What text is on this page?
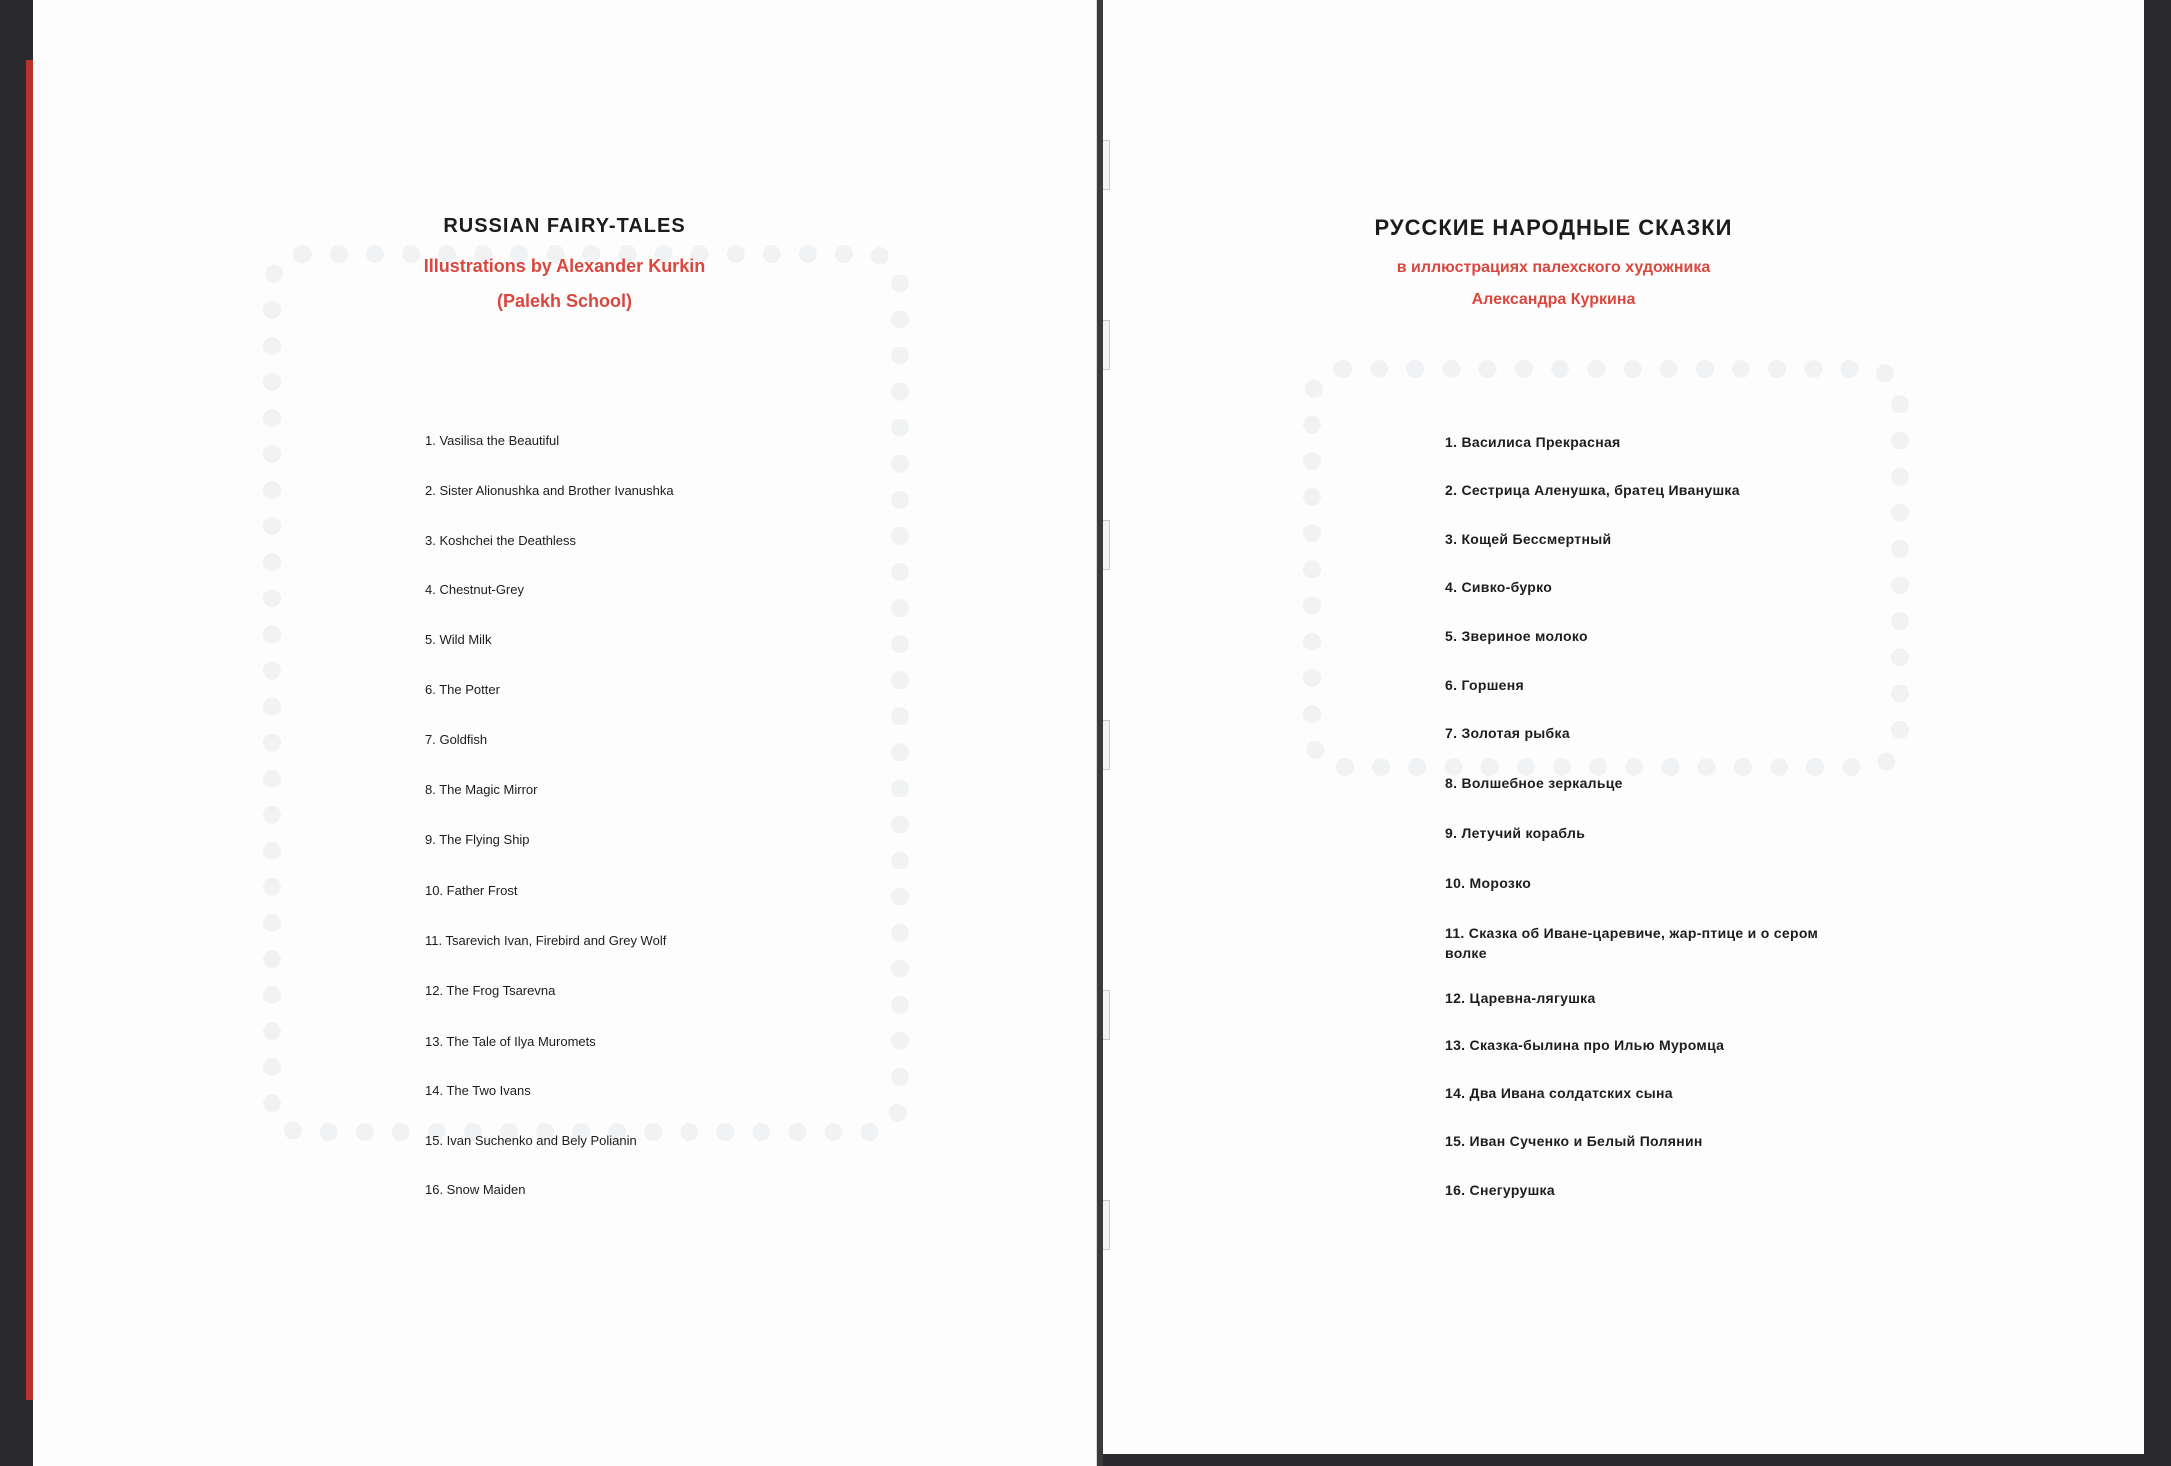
RUSSIAN FAIRY-TALES
Illustrations by Alexander Kurkin
(Palekh School)
1. Vasilisa the Beautiful
2. Sister Alionushka and Brother Ivanushka
3. Koshchei the Deathless
4. Chestnut-Grey
5. Wild Milk
6. The Potter
7. Goldfish
8. The Magic Mirror
9. The Flying Ship
10. Father Frost
11. Tsarevich Ivan, Firebird and Grey Wolf
12. The Frog Tsarevna
13. The Tale of Ilya Muromets
14. The Two Ivans
15. Ivan Suchenko and Bely Polianin
16. Snow Maiden
РУССКИЕ НАРОДНЫЕ СКАЗКИ
в иллюстрациях палехского художника
Александра Куркина
1. Василиса Прекрасная
2. Сестрица Аленушка, братец Иванушка
3. Кощей Бессмертный
4. Сивко-бурко
5. Звериное молоко
6. Горшеня
7. Золотая рыбка
8. Волшебное зеркальце
9. Летучий корабль
10. Морозко
11. Сказка об Иване-царевиче, жар-птице и о сером волке
12. Царевна-лягушка
13. Сказка-былина про Илью Муромца
14. Два Ивана солдатских сына
15. Иван Сученко и Белый Полянин
16. Снегурушка
